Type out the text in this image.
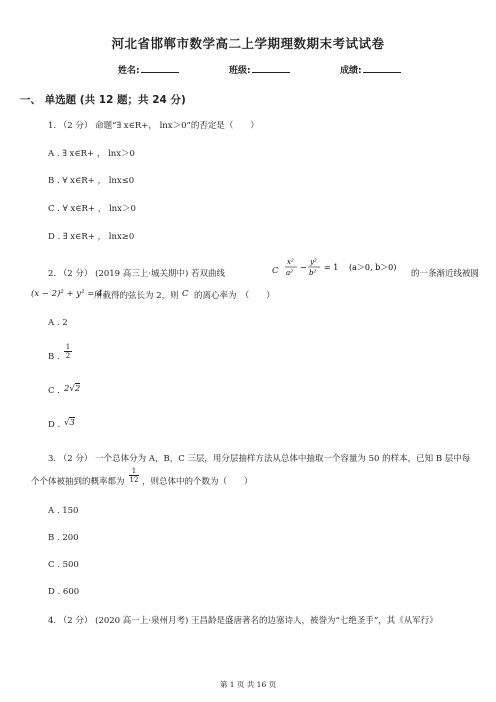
河北省邯郸市数学高二上学期理数期末考试试卷
姓名:	班级:	成绩:
一、 单选题 (共 12 题；共 24 分)
1. （2 分） 命题“∃ x∈R+， lnx＞0”的否定是（　　）
A . ∃ x∈R+ ， lnx＞0
B . ∀ x∈R+ ， lnx≤0
C . ∀ x∈R+ ， lnx＞0
D . ∃ x∈R+ ， lnx≥0
2. （2 分） (2019 高三上·城关期中) 若双曲线	C
x²
a²
−
y²
b²
= 1 (a＞0, b＞0)
的一条渐近线被圆
(x − 2)² + y² = 4
所截得的弦长为 2，则 C 的离心率为　（　　）
A . 2
B . $\frac{1}{2}$
C . 2√2
D . √3
3. （2 分） 一个总体分为 A，B，C 三层，用分层抽样方法从总体中抽取一个容量为 50 的样本，已知 B 层中每
个个体被抽到的概率都为 $\frac{1}{12}$ ，则总体中的个数为（　　）
A . 150
B . 200
C . 500
D . 600
4. （2 分） (2020 高一上·泉州月考) 王昌龄是盛唐著名的边塞诗人，被誉为“七绝圣手”，其《从军行》
第 1 页 共 16 页
